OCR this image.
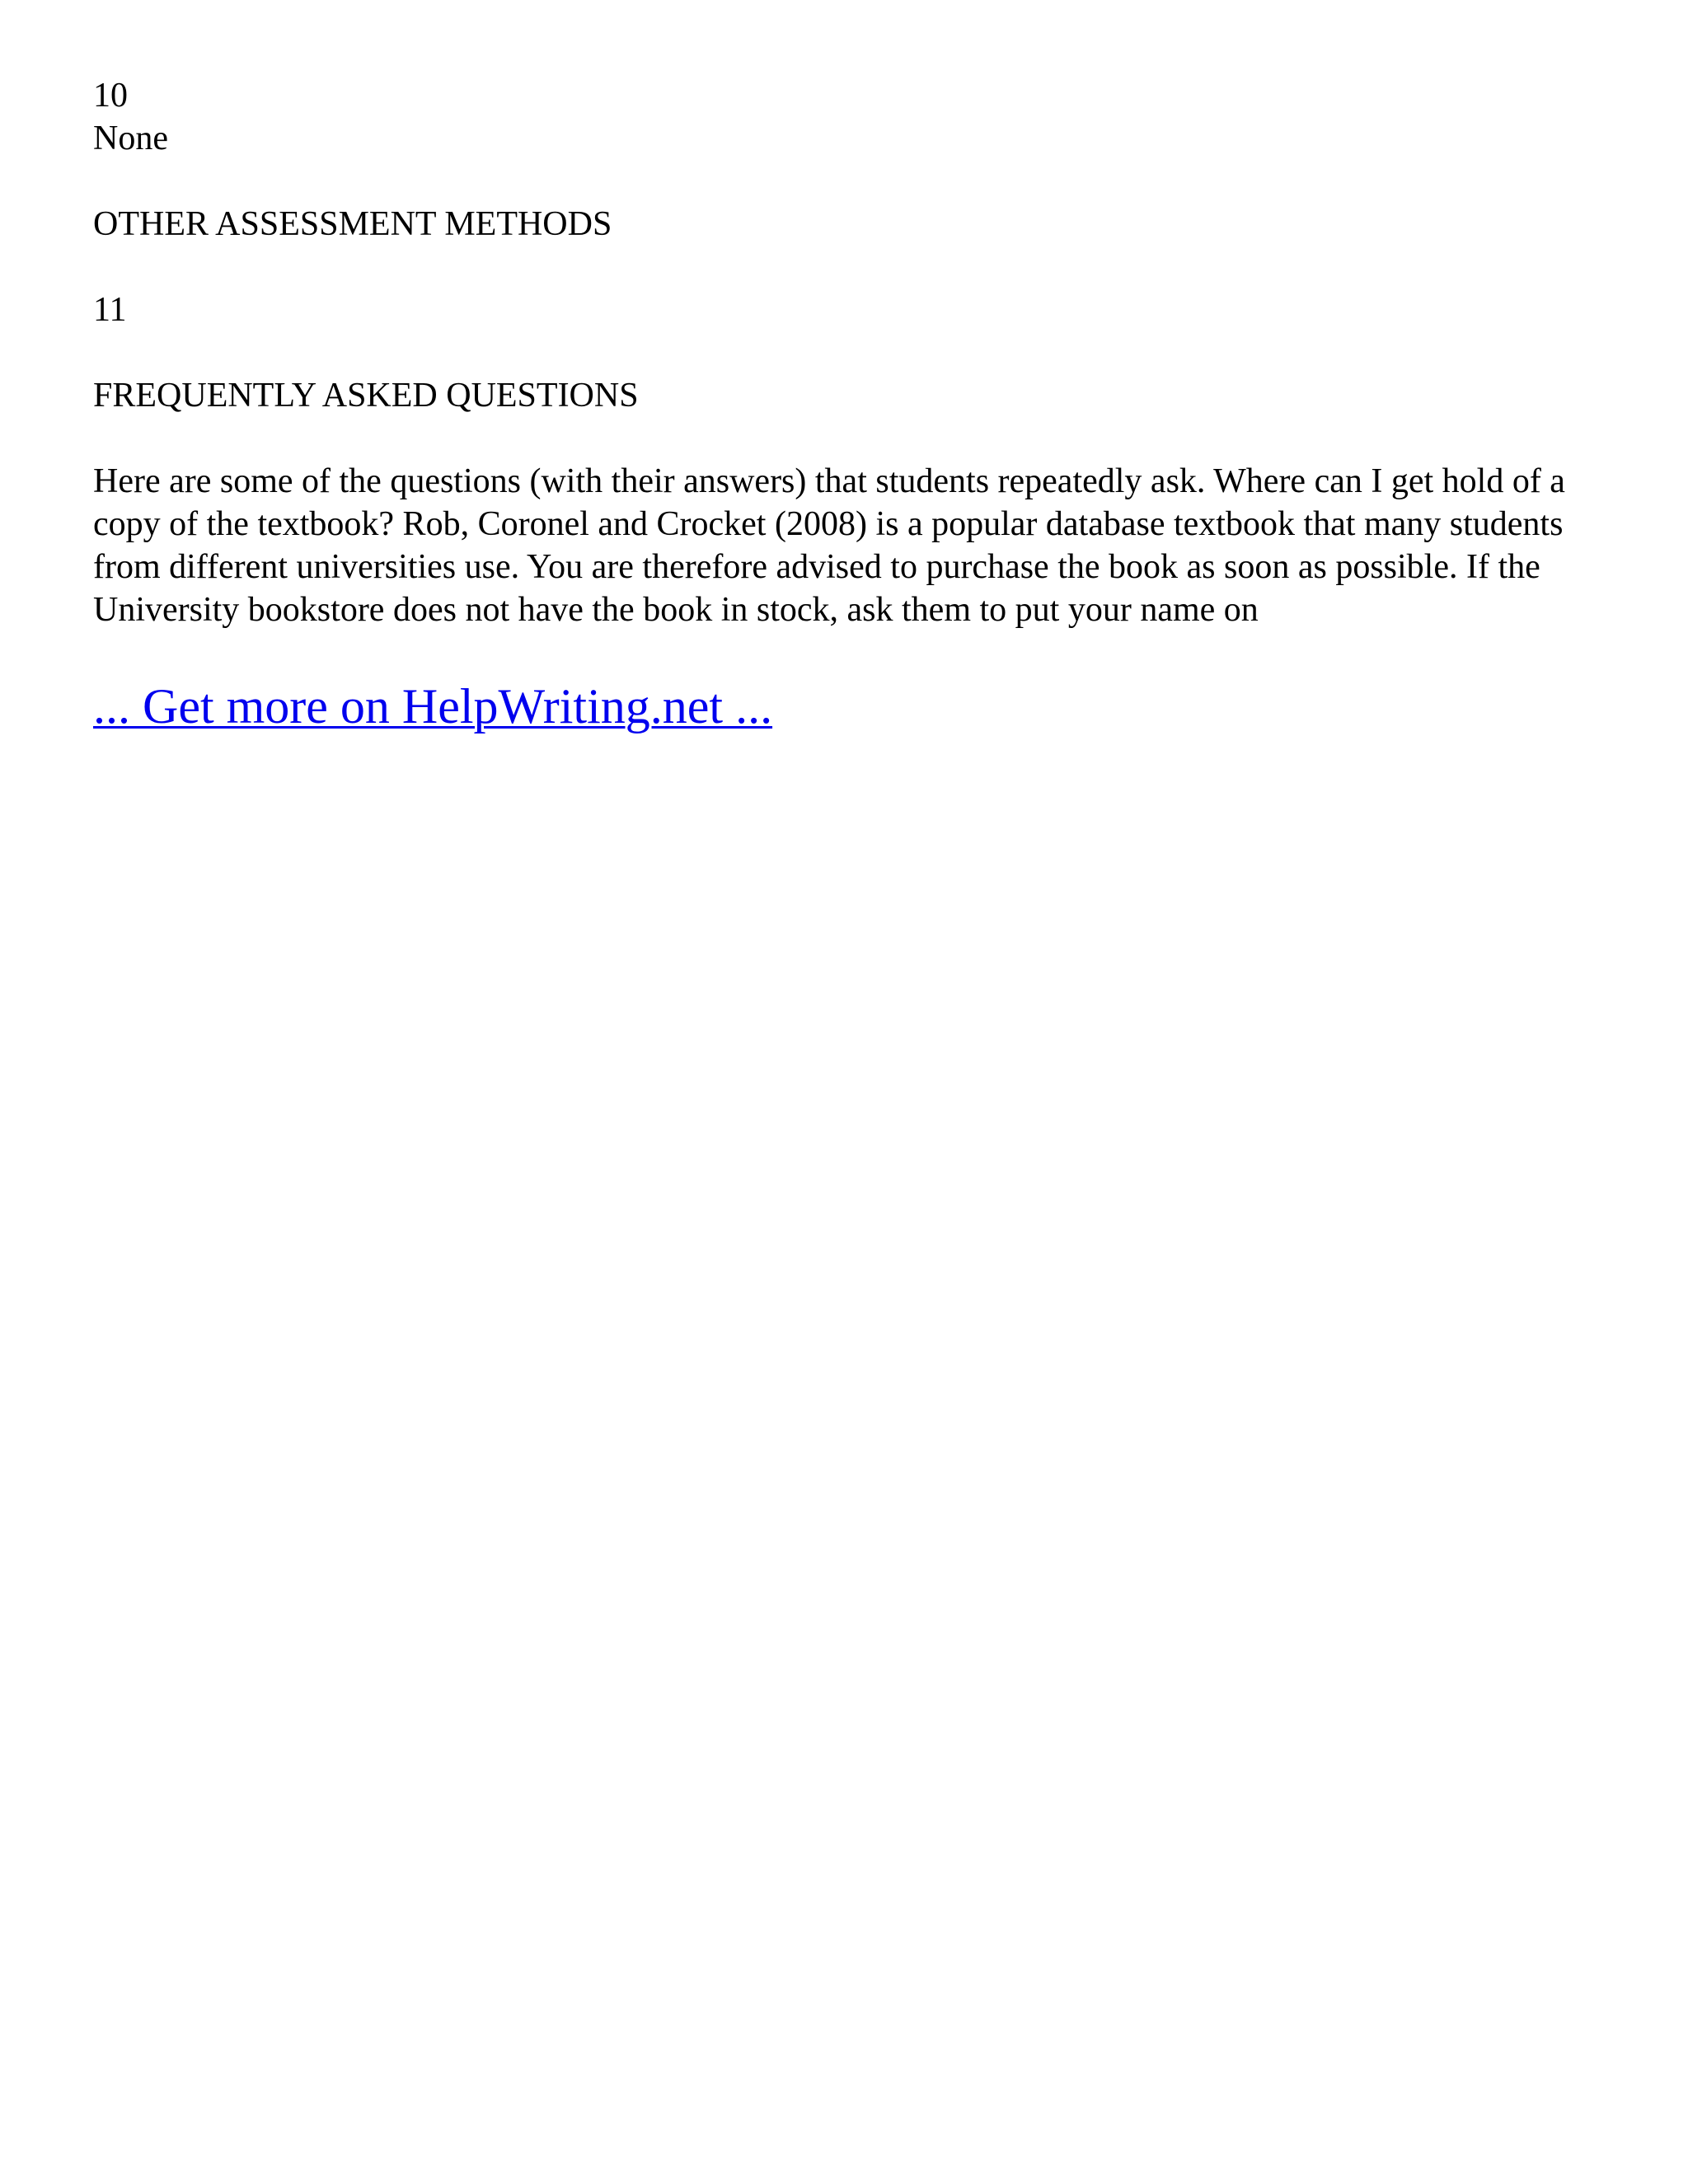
10

None

OTHER ASSESSMENT METHODS

11

FREQUENTLY ASKED QUESTIONS

Here are some of the questions (with their answers) that students repeatedly ask. Where can I get hold of a copy of the textbook? Rob, Coronel and Crocket (2008) is a popular database textbook that many students from different universities use. You are therefore advised to purchase the book as soon as possible. If the University bookstore does not have the book in stock, ask them to put your name on

... Get more on HelpWriting.net ...
